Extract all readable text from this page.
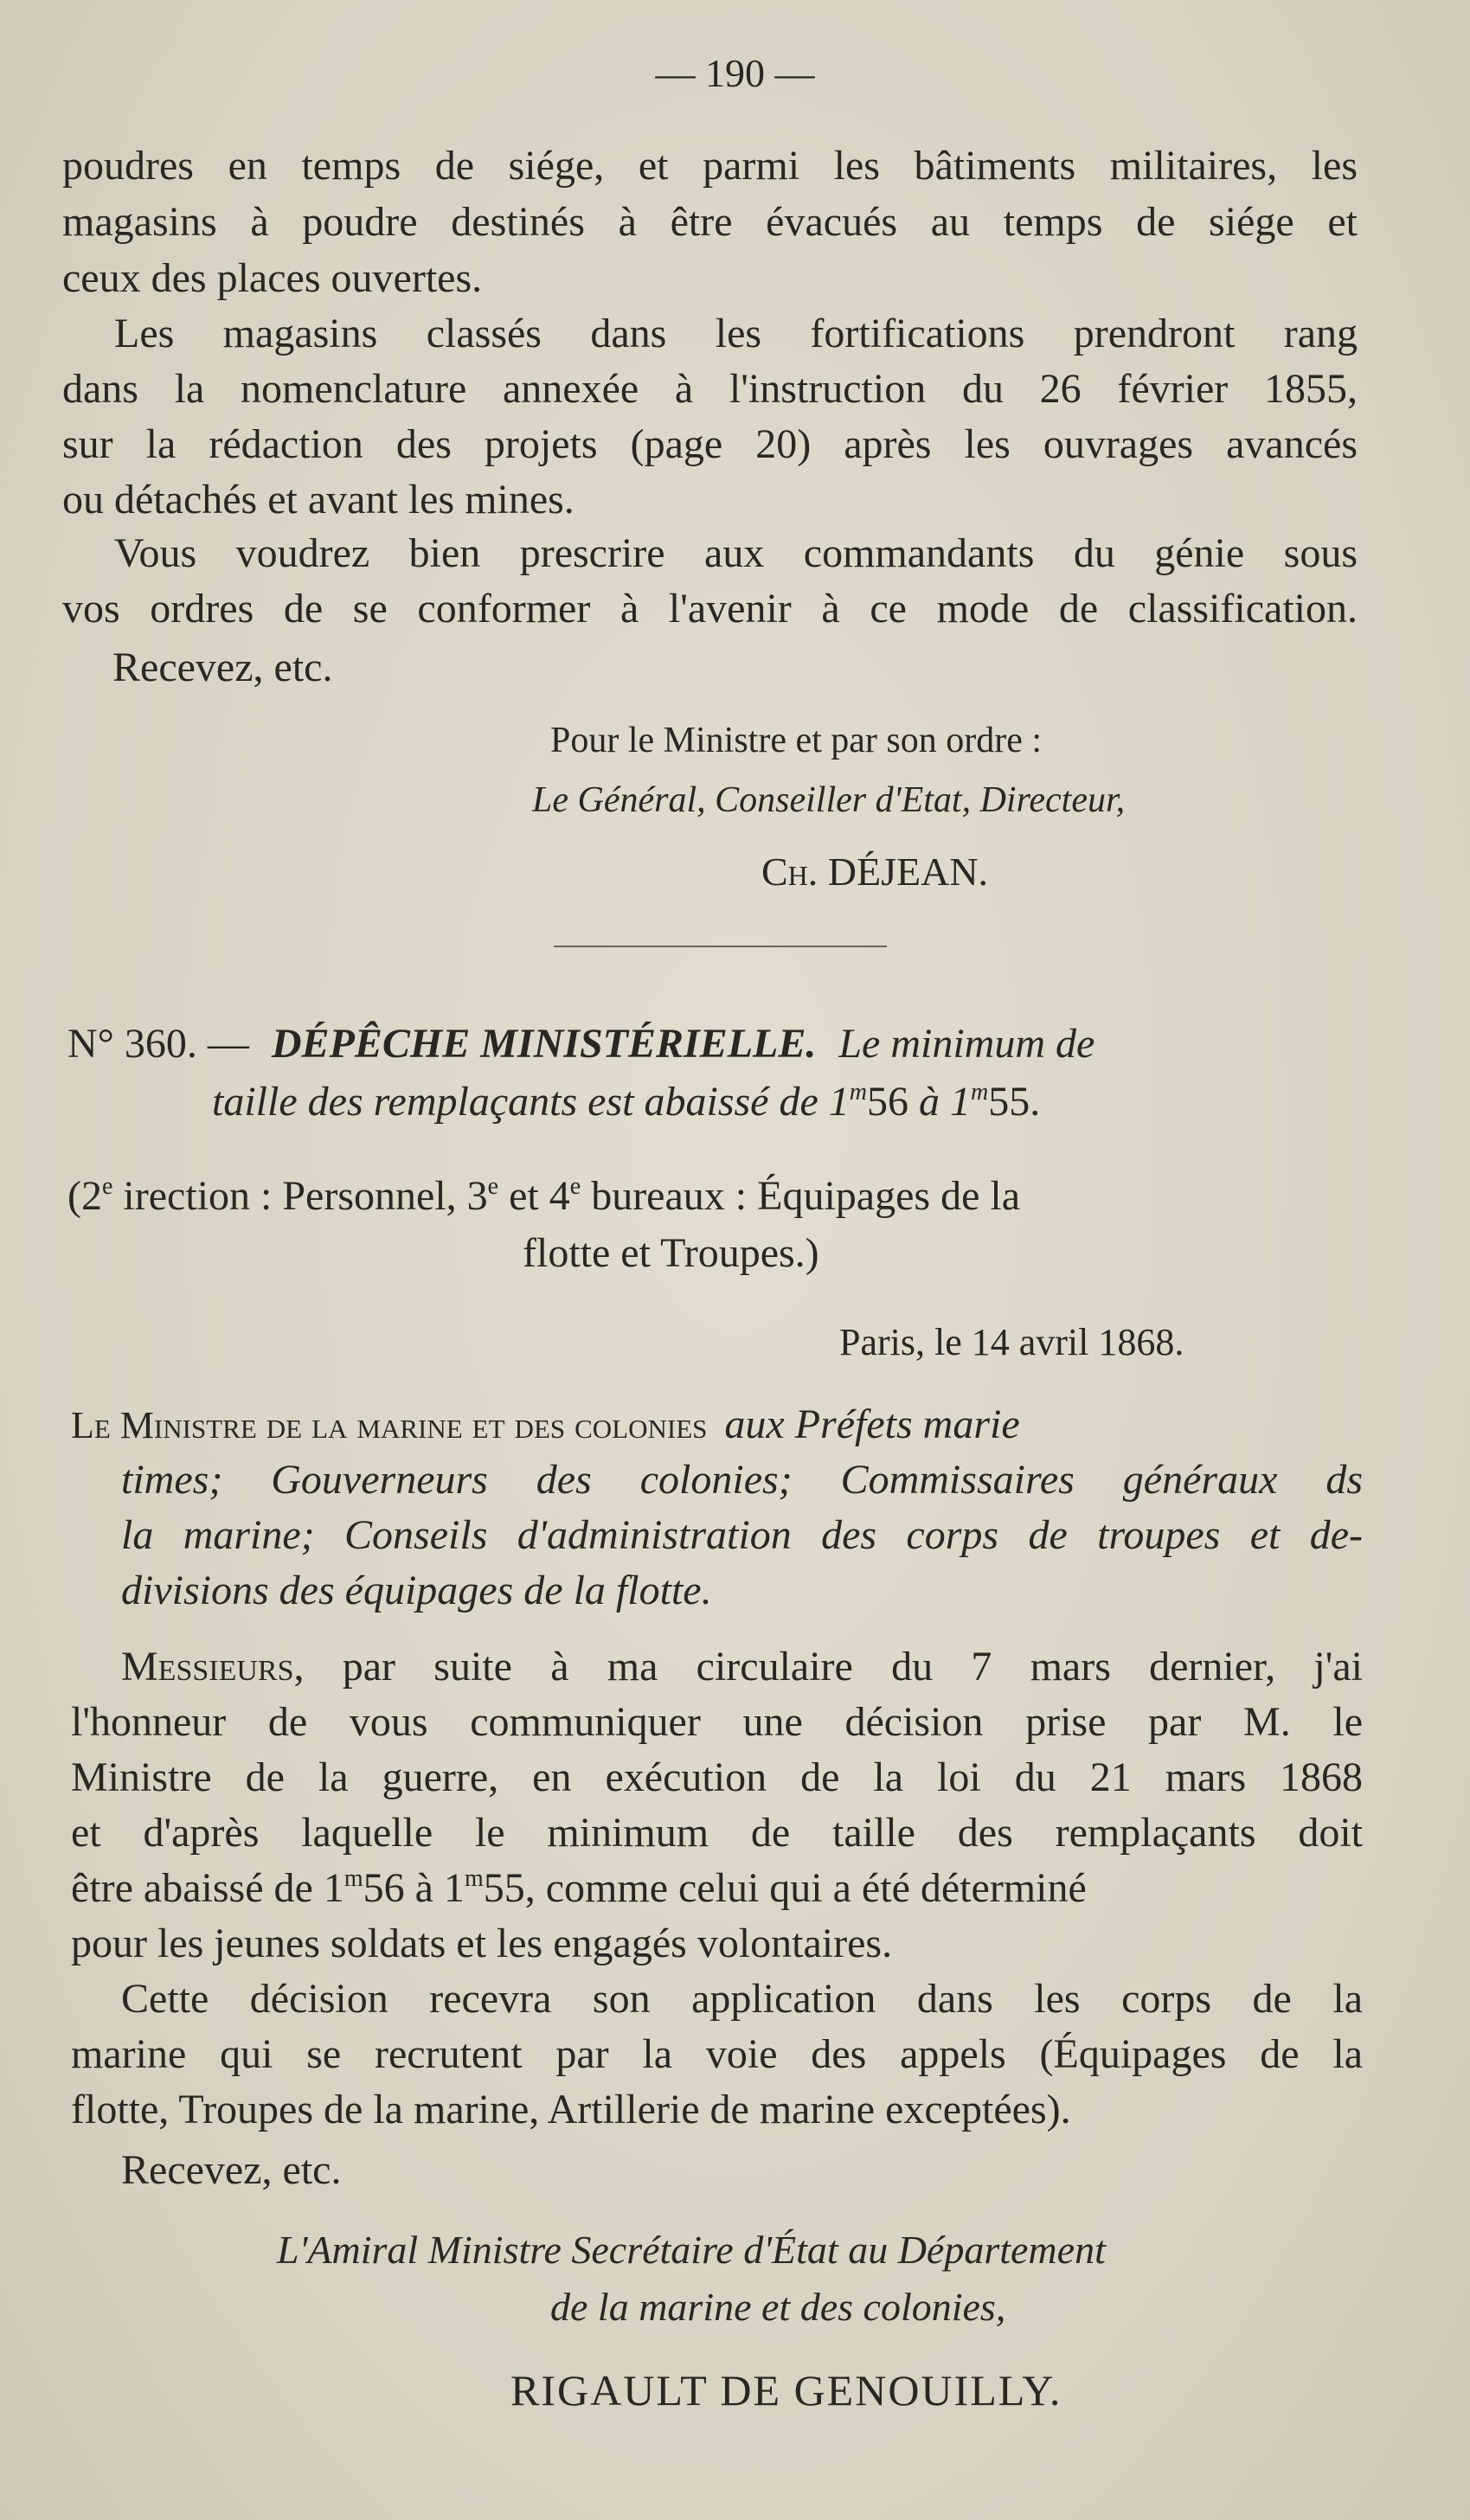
— 190 —
poudres en temps de siége, et parmi les bâtiments militaires, les
magasins à poudre destinés à être évacués au temps de siége et
ceux des places ouvertes.
Les magasins classés dans les fortifications prendront rang
dans la nomenclature annexée à l'instruction du 26 février 1855,
sur la rédaction des projets (page 20) après les ouvrages avancés
ou détachés et avant les mines.
Vous voudrez bien prescrire aux commandants du génie sous
vos ordres de se conformer à l'avenir à ce mode de classification.
Recevez, etc.
Pour le Ministre et par son ordre :
Le Général, Conseiller d'Etat, Directeur,
Ch. DÉJEAN.
N° 360. — DÉPÊCHE MINISTÉRIELLE. Le minimum de
taille des remplaçants est abaissé de 1$^m$56 à 1$^m$55.
(2e irection : Personnel, 3e et 4e bureaux : Équipages de la
flotte et Troupes.)
Paris, le 14 avril 1868.
Le Ministre de la marine et des colonies aux Préfets marie
times; Gouverneurs des colonies; Commissaires généraux ds
la marine; Conseils d'administration des corps de troupes et de-
divisions des équipages de la flotte.
Messieurs, par suite à ma circulaire du 7 mars dernier, j'ai
l'honneur de vous communiquer une décision prise par M. le
Ministre de la guerre, en exécution de la loi du 21 mars 1868
et d'après laquelle le minimum de taille des remplaçants doit
être abaissé de 1$^m$56 à 1$^m$55, comme celui qui a été déterminé
pour les jeunes soldats et les engagés volontaires.
Cette décision recevra son application dans les corps de la
marine qui se recrutent par la voie des appels (Équipages de la
flotte, Troupes de la marine, Artillerie de marine exceptées).
Recevez, etc.
L'Amiral Ministre Secrétaire d'État au Département
de la marine et des colonies,
RIGAULT DE GENOUILLY.
